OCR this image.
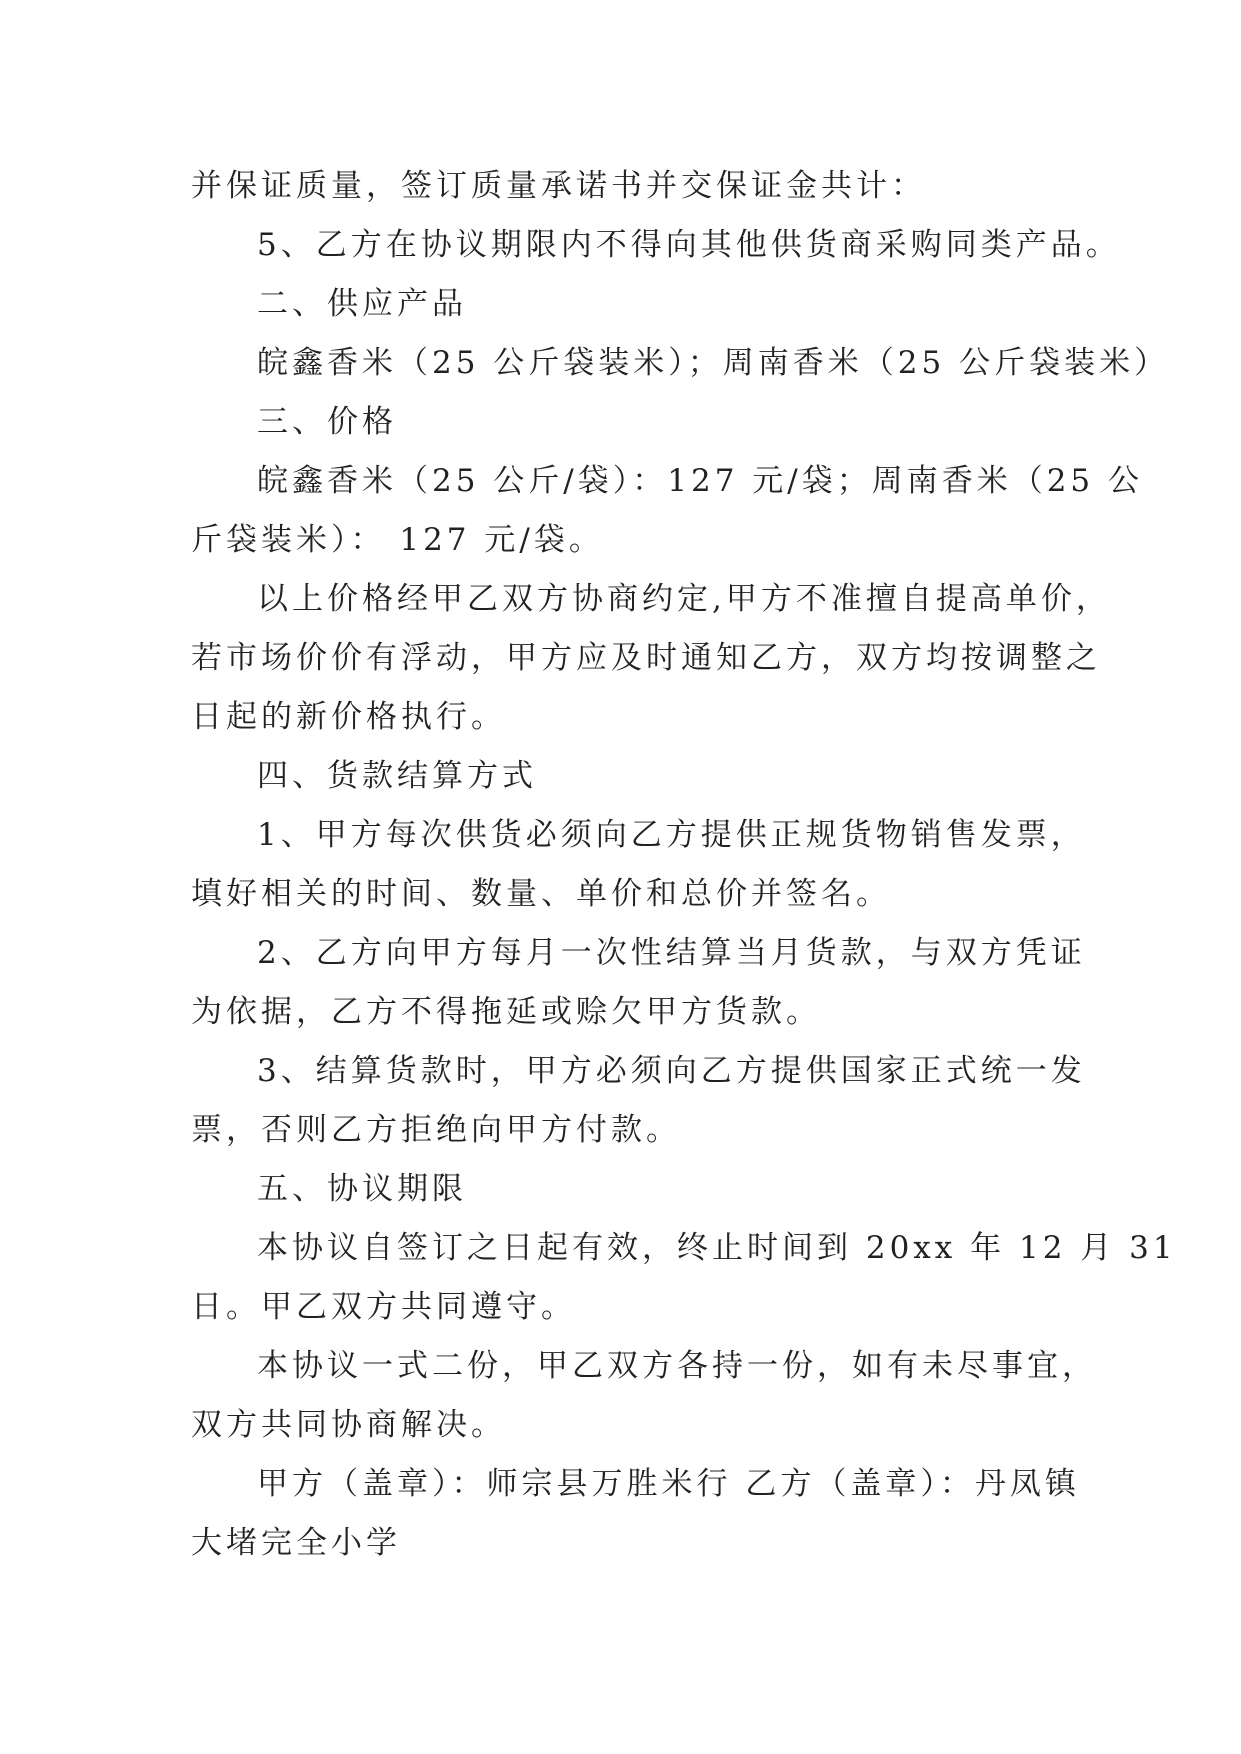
并保证质量，签订质量承诺书并交保证金共计：
5、乙方在协议期限内不得向其他供货商采购同类产品。
二、供应产品
皖鑫香米（25 公斤袋装米）；周南香米（25 公斤袋装米）
三、价格
皖鑫香米（25 公斤/袋）：127 元/袋；周南香米（25 公
斤袋装米）： 127 元/袋。
以上价格经甲乙双方协商约定,甲方不准擅自提高单价，
若市场价价有浮动，甲方应及时通知乙方，双方均按调整之
日起的新价格执行。
四、货款结算方式
1、甲方每次供货必须向乙方提供正规货物销售发票，
填好相关的时间、数量、单价和总价并签名。
2、乙方向甲方每月一次性结算当月货款，与双方凭证
为依据，乙方不得拖延或赊欠甲方货款。
3、结算货款时，甲方必须向乙方提供国家正式统一发
票，否则乙方拒绝向甲方付款。
五、协议期限
本协议自签订之日起有效，终止时间到 20xx 年 12 月 31
日。甲乙双方共同遵守。
本协议一式二份，甲乙双方各持一份，如有未尽事宜，
双方共同协商解决。
甲方（盖章）：师宗县万胜米行 乙方（盖章）：丹凤镇
大堵完全小学
